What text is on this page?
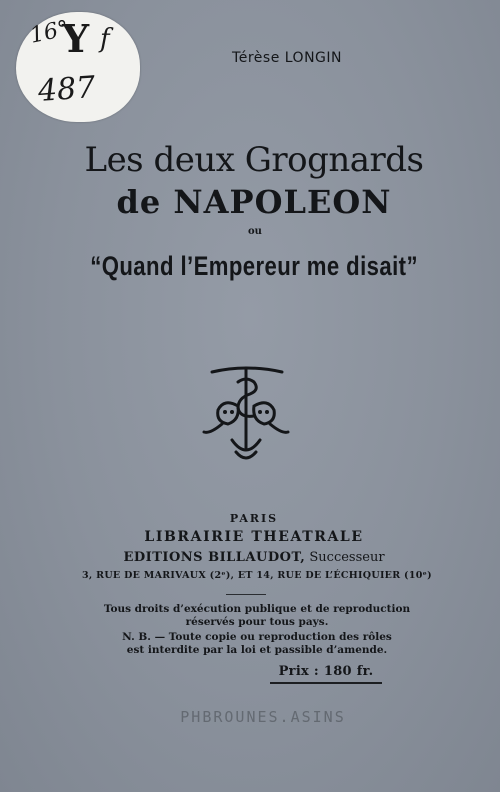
16°
Y f
487
Térèse LONGIN
Les deux Grognards
de NAPOLEON
ou
“Quand l’Empereur me disait”
PARIS
LIBRAIRIE THEATRALE
EDITIONS BILLAUDOT, Successeur
3, RUE DE MARIVAUX (2ᵉ), ET 14, RUE DE L’ÉCHIQUIER (10ᵉ)
Tous droits d’exécution publique et de reproduction
réservés pour tous pays.
N. B. — Toute copie ou reproduction des rôles
est interdite par la loi et passible d’amende.
Prix : 180 fr.
PHBROUNES.ASINS
